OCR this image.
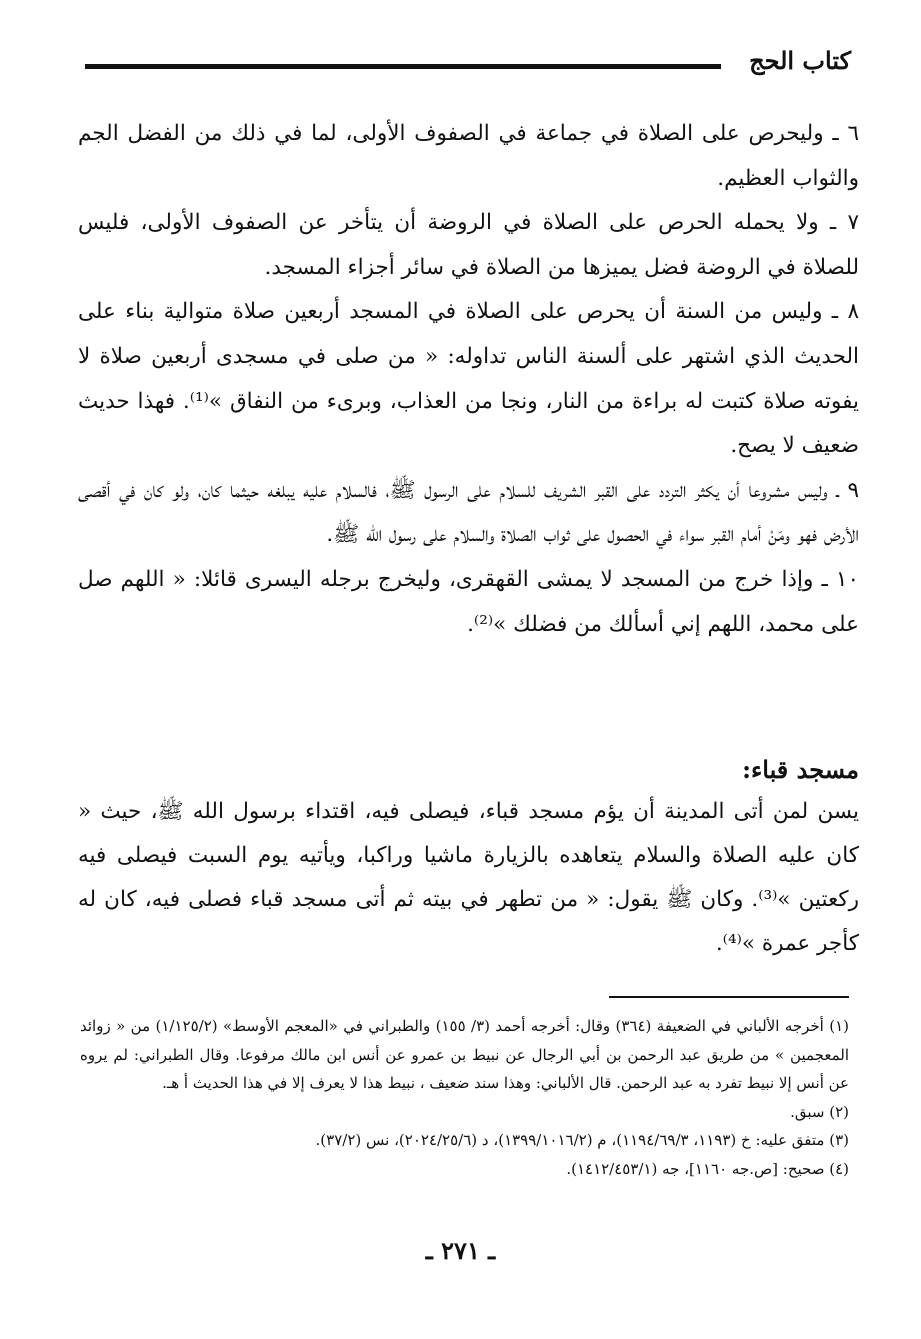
كتاب الحج

٦ ـ وليحرص على الصلاة في جماعة في الصفوف الأولى، لما في ذلك من الفضل الجم والثواب العظيم.

٧ ـ ولا يحمله الحرص على الصلاة في الروضة أن يتأخر عن الصفوف الأولى، فليس للصلاة في الروضة فضل يميزها من الصلاة في سائر أجزاء المسجد.

٨ ـ وليس من السنة أن يحرص على الصلاة في المسجد أربعين صلاة متوالية بناء على الحديث الذي اشتهر على ألسنة الناس تداوله: « من صلى في مسجدى أربعين صلاة لا يفوته صلاة كتبت له براءة من النار، ونجا من العذاب، وبرىء من النفاق »⁽¹⁾. فهذا حديث ضعيف لا يصح.

٩ ـ وليس مشروعا أن يكثر التردد على القبر الشريف للسلام على الرسول ﷺ، فالسلام عليه يبلغه حيثما كان، ولو كان في أقصى الأرض فهو ومَنْ أمام القبر سواء في الحصول على ثواب الصلاة والسلام على رسول الله ﷺ.

١٠ ـ وإذا خرج من المسجد لا يمشى القهقرى، وليخرج برجله اليسرى قائلا: « اللهم صل على محمد، اللهم إني أسألك من فضلك »⁽²⁾.

مسجد قباء:

يسن لمن أتى المدينة أن يؤم مسجد قباء، فيصلى فيه، اقتداء برسول الله ﷺ، حيث « كان عليه الصلاة والسلام يتعاهده بالزيارة ماشيا وراكبا، ويأتيه يوم السبت فيصلى فيه ركعتين »⁽³⁾. وكان ﷺ يقول: « من تطهر في بيته ثم أتى مسجد قباء فصلى فيه، كان له كأجر عمرة »⁽⁴⁾.

(١) أخرجه الألباني في الضعيفة (٣٦٤) وقال: أخرجه أحمد (٣/ ١٥٥) والطبراني في «المعجم الأوسط» (١/١٢٥/٢) من « زوائد المعجمين » من طريق عبد الرحمن بن أبي الرجال عن نبيط بن عمرو عن أنس ابن مالك مرفوعا. وقال الطبراني: لم يروه عن أنس إلا نبيط تفرد به عبد الرحمن. قال الألباني: وهذا سند ضعيف ، نبيط هذا لا يعرف إلا في هذا الحديث أ هـ.

(٢) سبق.

(٣) متفق عليه: خ (١١٩٣، ١١٩٤/٦٩/٣)، م (١٣٩٩/١٠١٦/٢)، د (٢٠٢٤/٢٥/٦)، نس (٣٧/٢).

(٤) صحيح: [ص.جه ١١٦٠]، جه (١٤١٢/٤٥٣/١).

ـ ٢٧١ ـ
